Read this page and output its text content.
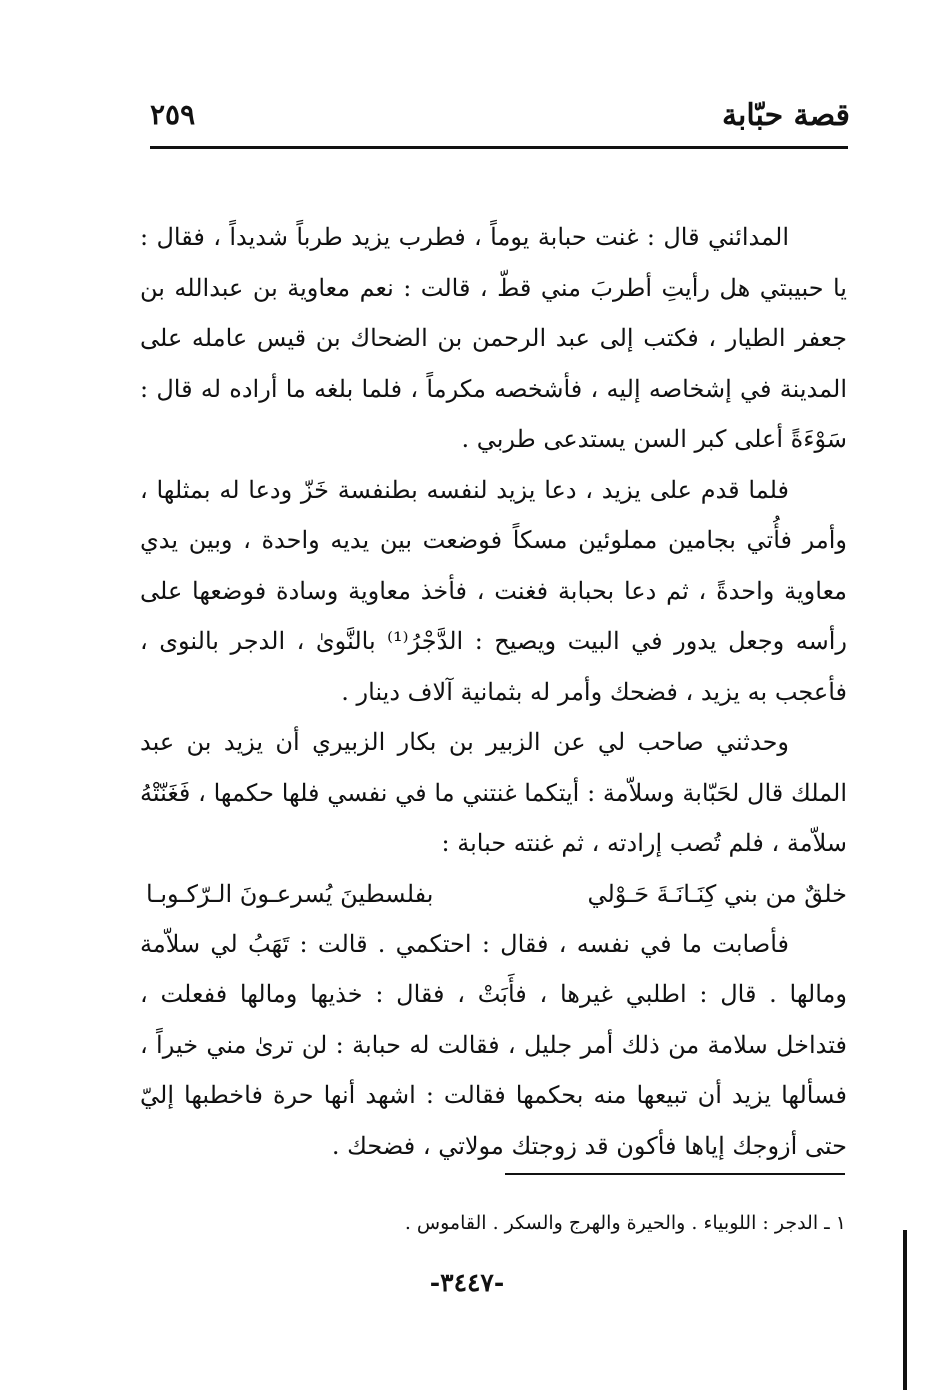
قصة حبّابة
٢٥٩

المدائني قال : غنت حبابة يوماً ، فطرب يزيد طرباً شديداً ، فقال : يا حبيبتي هل رأيتِ أطربَ مني قطّ ، قالت : نعم معاوية بن عبدالله بن جعفر الطيار ، فكتب إلى عبد الرحمن بن الضحاك بن قيس عامله على المدينة في إشخاصه إليه ، فأشخصه مكرماً ، فلما بلغه ما أراده له قال : سَوْءَةً أعلى كبر السن يستدعى طربي .

فلما قدم على يزيد ، دعا يزيد لنفسه بطنفسة خَزّ ودعا له بمثلها ، وأمر فأُتي بجامين مملوئين مسكاً فوضعت بين يديه واحدة ، وبين يدي معاوية واحدةً ، ثم دعا بحبابة فغنت ، فأخذ معاوية وسادة فوضعها على رأسه وجعل يدور في البيت ويصيح : الدَّجْرُ⁽¹⁾ بالنَّوىٰ ، الدجر بالنوى ، فأعجب به يزيد ، فضحك وأمر له بثمانية آلاف دينار .

وحدثني صاحب لي عن الزبير بن بكار الزبيري أن يزيد بن عبد الملك قال لحَبّابة وسلاّمة : أيتكما غنتني ما في نفسي فلها حكمها ، فَغَنّتْهُ سلاّمة ، فلم تُصب إرادته ، ثم غنته حبابة :

خلقٌ من بني كِنَـانَـةَ حَـوْلي
بفلسطينَ يُسرعـونَ الـرّكـوبـا

فأصابت ما في نفسه ، فقال : احتكمي . قالت : تَهَبُ لي سلاّمة ومالها . قال : اطلبي غيرها ، فأَبَتْ ، فقال : خذيها ومالها ففعلت ، فتداخل سلامة من ذلك أمر جليل ، فقالت له حبابة : لن ترىٰ مني خيراً ، فسألها يزيد أن تبيعها منه بحكمها فقالت : اشهد أنها حرة فاخطبها إليّ حتى أزوجك إياها فأكون قد زوجتك مولاتي ، فضحك .

١ ـ الدجر : اللوبياء . والحيرة والهرج والسكر . القاموس .
-٣٤٤٧-
